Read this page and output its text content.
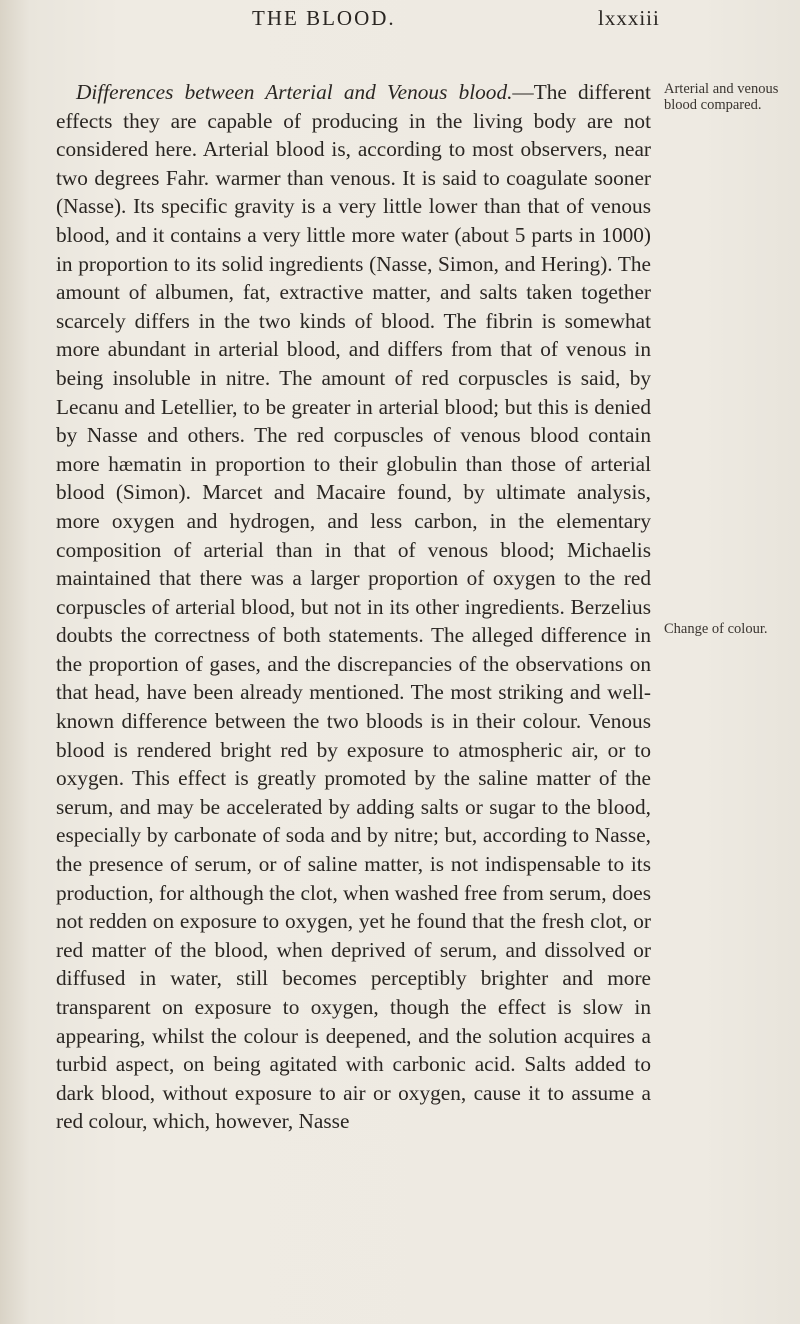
THE BLOOD.	lxxxiii

Differences between Arterial and Venous blood.—The different effects they are capable of producing in the living body are not considered here. Arterial blood is, according to most observers, near two degrees Fahr. warmer than venous. It is said to coagulate sooner (Nasse). Its specific gravity is a very little lower than that of venous blood, and it contains a very little more water (about 5 parts in 1000) in proportion to its solid ingredients (Nasse, Simon, and Hering). The amount of albumen, fat, extractive matter, and salts taken together scarcely differs in the two kinds of blood. The fibrin is somewhat more abundant in arterial blood, and differs from that of venous in being insoluble in nitre. The amount of red corpuscles is said, by Lecanu and Letellier, to be greater in arterial blood; but this is denied by Nasse and others. The red corpuscles of venous blood contain more hæmatin in proportion to their globulin than those of arterial blood (Simon). Marcet and Macaire found, by ultimate analysis, more oxygen and hydrogen, and less carbon, in the elementary composition of arterial than in that of venous blood; Michaelis maintained that there was a larger proportion of oxygen to the red corpuscles of arterial blood, but not in its other ingredients. Berzelius doubts the correctness of both statements. The alleged difference in the proportion of gases, and the discrepancies of the observations on that head, have been already mentioned. The most striking and well-known difference between the two bloods is in their colour. Venous blood is rendered bright red by exposure to atmospheric air, or to oxygen. This effect is greatly promoted by the saline matter of the serum, and may be accelerated by adding salts or sugar to the blood, especially by carbonate of soda and by nitre; but, according to Nasse, the presence of serum, or of saline matter, is not indispensable to its production, for although the clot, when washed free from serum, does not redden on exposure to oxygen, yet he found that the fresh clot, or red matter of the blood, when deprived of serum, and dissolved or diffused in water, still becomes perceptibly brighter and more transparent on exposure to oxygen, though the effect is slow in appearing, whilst the colour is deepened, and the solution acquires a turbid aspect, on being agitated with carbonic acid. Salts added to dark blood, without exposure to air or oxygen, cause it to assume a red colour, which, however, Nasse

Arterial and venous blood compared.
Change of colour.
